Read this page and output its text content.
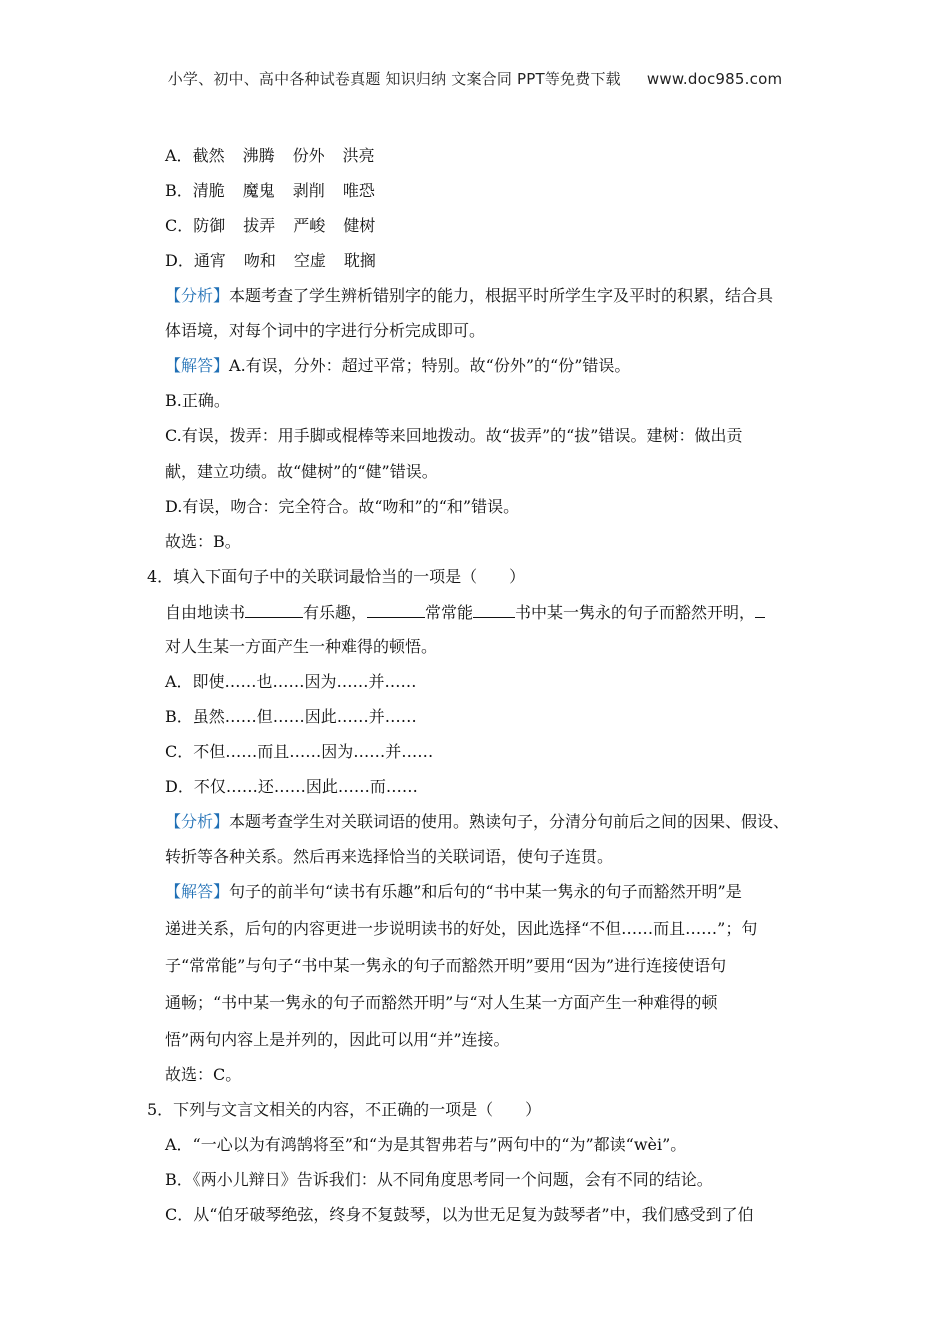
小学、初中、高中各种试卷真题 知识归纳 文案合同 PPT等免费下载 www.doc985.com
A．截然 沸腾 份外 洪亮
B．清脆 魔鬼 剥削 唯恐
C．防御 拔弄 严峻 健树
D．通宵 吻和 空虚 耽搁
【分析】本题考查了学生辨析错别字的能力，根据平时所学生字及平时的积累，结合具
体语境，对每个词中的字进行分析完成即可。
【解答】A.有误，分外：超过平常；特别。故“份外”的“份”错误。
B.正确。
C.有误，拨弄：用手脚或棍棒等来回地拨动。故“拔弄”的“拔”错误。建树：做出贡
献，建立功绩。故“健树”的“健”错误。
D.有误，吻合：完全符合。故“吻和”的“和”错误。
故选：B。
4．填入下面句子中的关联词最恰当的一项是（　　）
自由地读书	有乐趣，	常常能	书中某一隽永的句子而豁然开明，
对人生某一方面产生一种难得的顿悟。
A．即使……也……因为……并……
B．虽然……但……因此……并……
C．不但……而且……因为……并……
D．不仅……还……因此……而……
【分析】本题考查学生对关联词语的使用。熟读句子，分清分句前后之间的因果、假设、
转折等各种关系。然后再来选择恰当的关联词语，使句子连贯。
【解答】句子的前半句“读书有乐趣”和后句的“书中某一隽永的句子而豁然开明”是
递进关系，后句的内容更进一步说明读书的好处，因此选择“不但……而且……”；句
子“常常能”与句子“书中某一隽永的句子而豁然开明”要用“因为”进行连接使语句
通畅；“书中某一隽永的句子而豁然开明”与“对人生某一方面产生一种难得的顿
悟”两句内容上是并列的，因此可以用“并”连接。
故选：C。
5．下列与文言文相关的内容，不正确的一项是（　　）
A．“一心以为有鸿鹄将至”和“为是其智弗若与”两句中的“为”都读“wèi”。
B．《两小儿辩日》告诉我们：从不同角度思考同一个问题，会有不同的结论。
C．从“伯牙破琴绝弦，终身不复鼓琴，以为世无足复为鼓琴者”中，我们感受到了伯
